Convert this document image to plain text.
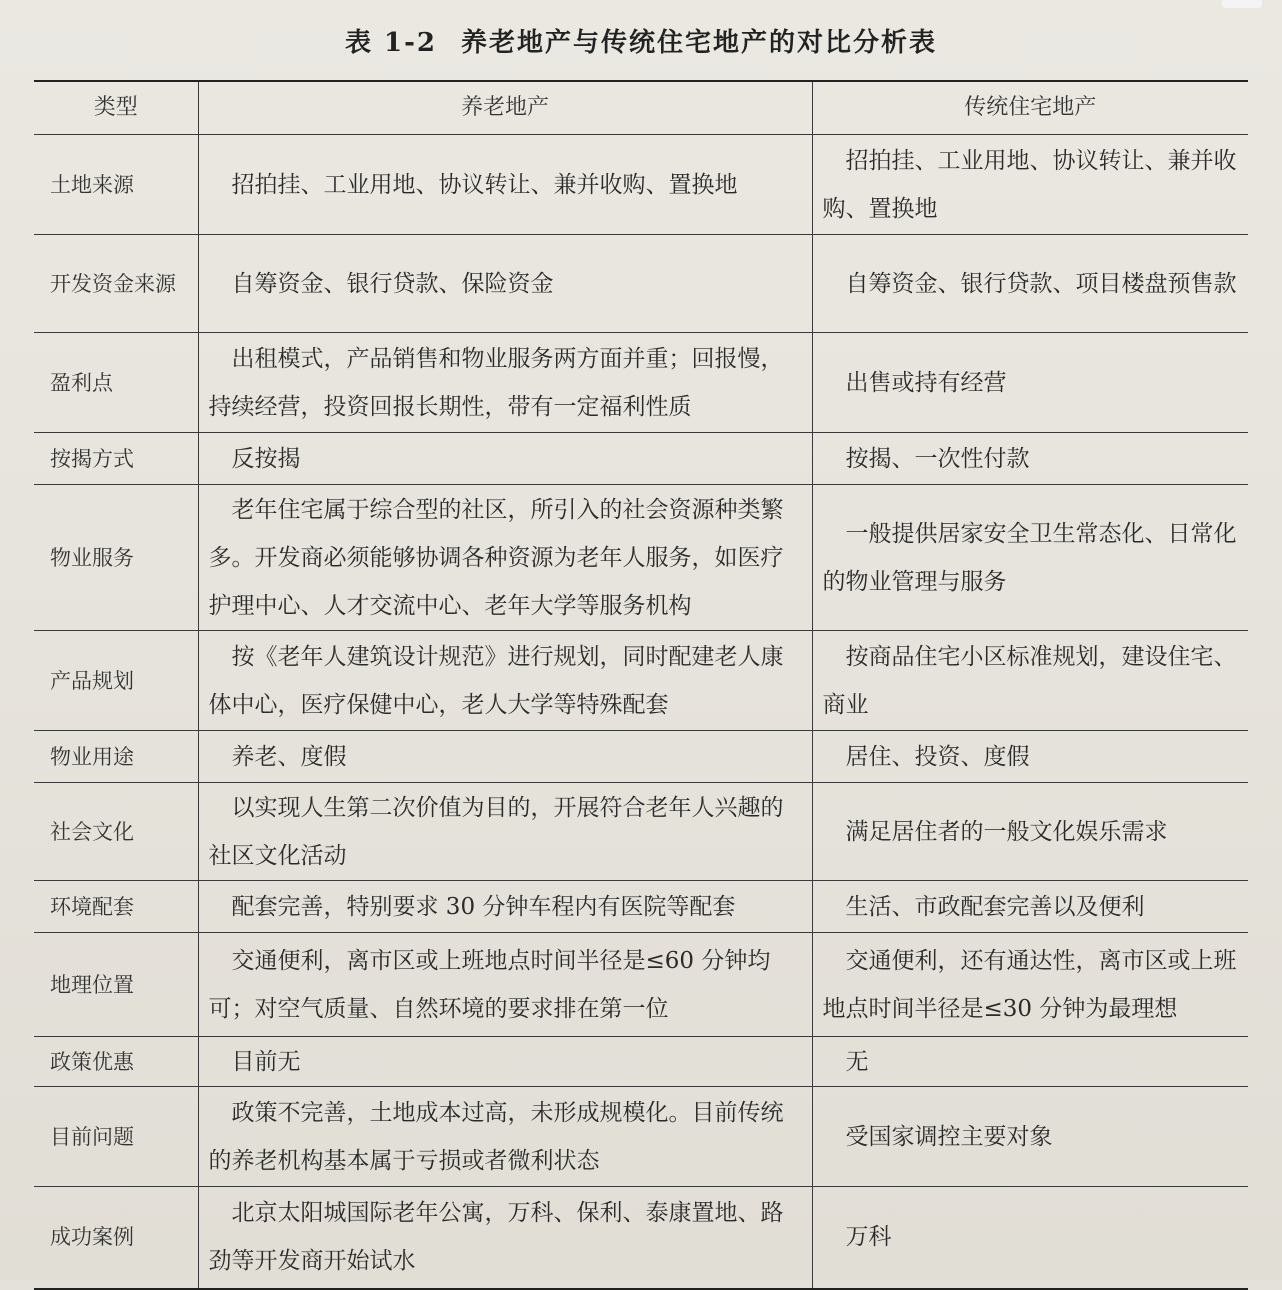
表 1-2 养老地产与传统住宅地产的对比分析表
类型	养老地产	传统住宅地产
土地来源	招拍挂、工业用地、协议转让、兼并收购、置换地	招拍挂、工业用地、协议转让、兼并收购、置换地
开发资金来源	自筹资金、银行贷款、保险资金	自筹资金、银行贷款、项目楼盘预售款
盈利点	出租模式，产品销售和物业服务两方面并重；回报慢，持续经营，投资回报长期性，带有一定福利性质	出售或持有经营
按揭方式	反按揭	按揭、一次性付款
物业服务	老年住宅属于综合型的社区，所引入的社会资源种类繁多。开发商必须能够协调各种资源为老年人服务，如医疗护理中心、人才交流中心、老年大学等服务机构	一般提供居家安全卫生常态化、日常化的物业管理与服务
产品规划	按《老年人建筑设计规范》进行规划，同时配建老人康体中心，医疗保健中心，老人大学等特殊配套	按商品住宅小区标准规划，建设住宅、商业
物业用途	养老、度假	居住、投资、度假
社会文化	以实现人生第二次价值为目的，开展符合老年人兴趣的社区文化活动	满足居住者的一般文化娱乐需求
环境配套	配套完善，特别要求 30 分钟车程内有医院等配套	生活、市政配套完善以及便利
地理位置	交通便利，离市区或上班地点时间半径是≤60 分钟均可；对空气质量、自然环境的要求排在第一位	交通便利，还有通达性，离市区或上班地点时间半径是≤30 分钟为最理想
政策优惠	目前无	无
目前问题	政策不完善，土地成本过高，未形成规模化。目前传统的养老机构基本属于亏损或者微利状态	受国家调控主要对象
成功案例	北京太阳城国际老年公寓，万科、保利、泰康置地、路劲等开发商开始试水	万科
